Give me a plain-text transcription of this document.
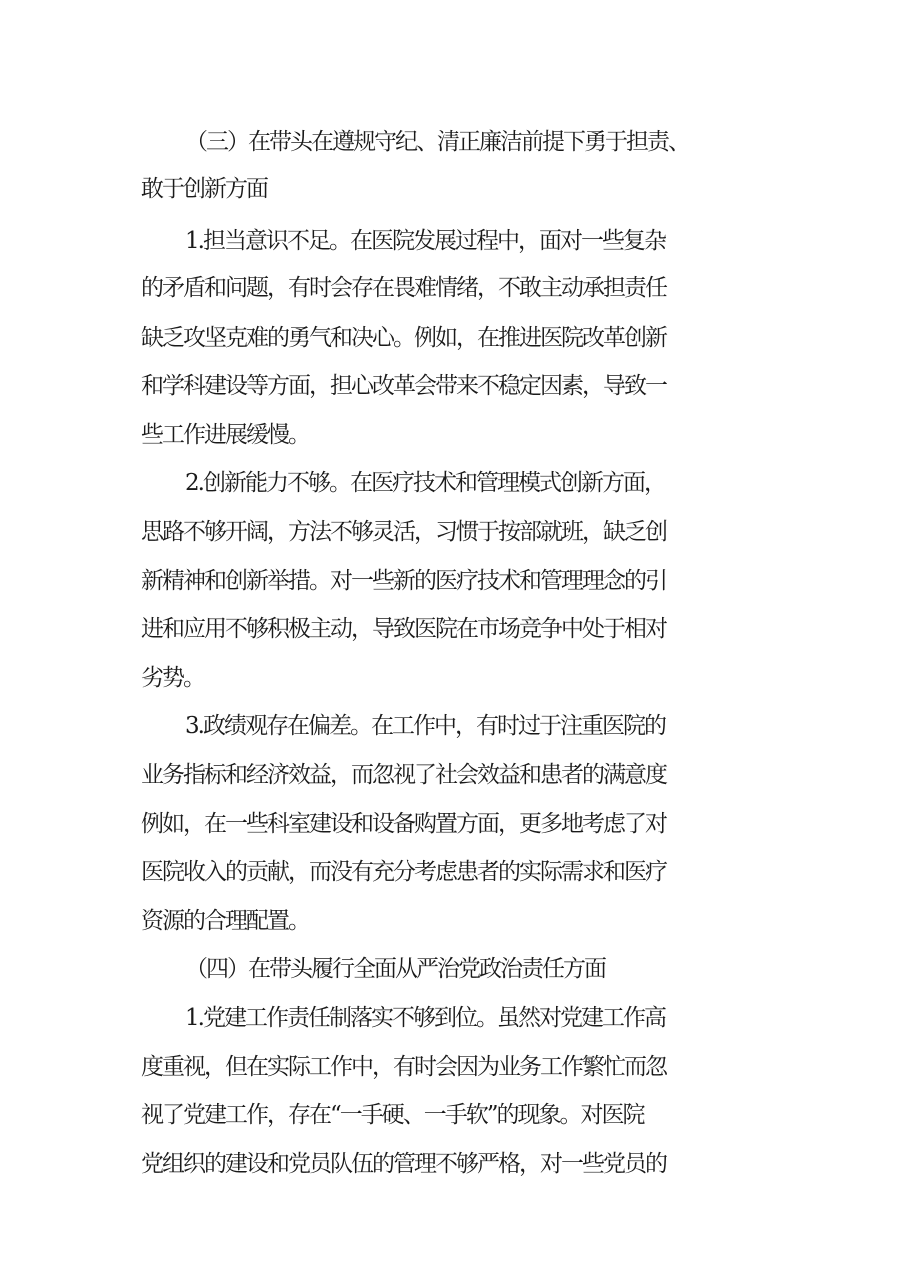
（三）在带头在遵规守纪、清正廉洁前提下勇于担责、
敢于创新方面
1.担当意识不足。在医院发展过程中，面对一些复杂
的矛盾和问题，有时会存在畏难情绪，不敢主动承担责任
缺乏攻坚克难的勇气和决心。例如，在推进医院改革创新
和学科建设等方面，担心改革会带来不稳定因素，导致一
些工作进展缓慢。
2.创新能力不够。在医疗技术和管理模式创新方面，
思路不够开阔，方法不够灵活，习惯于按部就班，缺乏创
新精神和创新举措。对一些新的医疗技术和管理理念的引
进和应用不够积极主动，导致医院在市场竞争中处于相对
劣势。
3.政绩观存在偏差。在工作中，有时过于注重医院的
业务指标和经济效益，而忽视了社会效益和患者的满意度
例如，在一些科室建设和设备购置方面，更多地考虑了对
医院收入的贡献，而没有充分考虑患者的实际需求和医疗
资源的合理配置。
（四）在带头履行全面从严治党政治责任方面
1.党建工作责任制落实不够到位。虽然对党建工作高
度重视，但在实际工作中，有时会因为业务工作繁忙而忽
视了党建工作，存在“一手硬、一手软”的现象。对医院
党组织的建设和党员队伍的管理不够严格，对一些党员的
